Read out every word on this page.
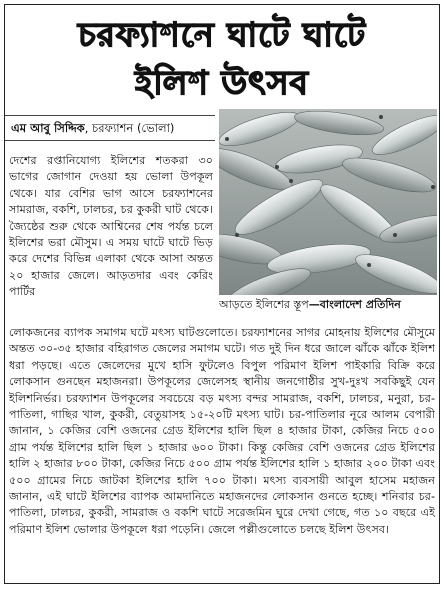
চরফ্যাশনে ঘাটে ঘাটে
ইলিশ উৎসব
এম আবু সিদ্দিক, চরফ্যাশন (ভোলা)

দেশের রপ্তানিযোগ্য ইলিশের শতকরা ৩০ ভাগের জোগান দেওয়া হয় ভোলা উপকূল থেকে। যার বেশির ভাগ আসে চরফ্যাশনের সামরাজ, বকশি, ঢালচর, চর কুকরী ঘাট থেকে। জ্যৈষ্ঠের শুরু থেকে আশ্বিনের শেষ পর্যন্ত চলে ইলিশের ভরা মৌসুম। এ সময় ঘাটে ঘাটে ভিড় করে দেশের বিভিন্ন এলাকা থেকে আসা অন্তত ২০ হাজার জেলে। আড়তদার এবং কেরিং পার্টির

আড়তে ইলিশের স্তূপ—বাংলাদেশ প্রতিদিন

লোকজনের ব্যাপক সমাগম ঘটে মৎস্য ঘাটগুলোতে। চরফ্যাশনের সাগর মোহনায় ইলিশের মৌসুমে অন্তত ৩০-৩৫ হাজার বহিরাগত জেলের সমাগম ঘটে। গত দুই দিন ধরে জালে ঝাঁকে ঝাঁকে ইলিশ ধরা পড়ছে। এতে জেলেদের মুখে হাসি ফুটলেও বিপুল পরিমাণ ইলিশ পাইকারি বিক্রি করে লোকসান গুনছেন মহাজনরা। উপকূলের জেলেসহ স্থানীয় জনগোষ্ঠীর সুখ-দুঃখ সবকিছুই যেন ইলিশনির্ভর। চরফ্যাশন উপকূলের সবচেয়ে বড় মৎস্য বন্দর সামরাজ, বকশি, ঢালচর, মনুরা, চর-পাতিলা, গাছির খাল, কুকরী, বেতুয়াসহ ১৫-২০টি মৎস্য ঘাট। চর-পাতিলার নূরে আলম বেপারী জানান, ১ কেজির বেশি ওজনের গ্রেড ইলিশের হালি ছিল ৪ হাজার টাকা, কেজির নিচে ৫০০ গ্রাম পর্যন্ত ইলিশের হালি ছিল ১ হাজার ৬০০ টাকা। কিন্তু কেজির বেশি ওজনের গ্রেড ইলিশের হালি ২ হাজার ৮০০ টাকা, কেজির নিচে ৫০০ গ্রাম পর্যন্ত ইলিশের হালি ১ হাজার ২০০ টাকা এবং ৫০০ গ্রামের নিচে জাটকা ইলিশের হালি ৭০০ টাকা। মৎস্য ব্যবসায়ী আবুল হাসেম মহাজন জানান, এই ঘাটে ইলিশের ব্যাপক আমদানিতে মহাজনদের লোকসান গুনতে হচ্ছে। শনিবার চর-পাতিলা, ঢালচর, কুকরী, সামরাজ ও বকশি ঘাটে সরেজমিন ঘুরে দেখা গেছে, গত ১০ বছরে এই পরিমাণ ইলিশ ভোলার উপকূলে ধরা পড়েনি। জেলে পল্লীগুলোতে চলছে ইলিশ উৎসব।
